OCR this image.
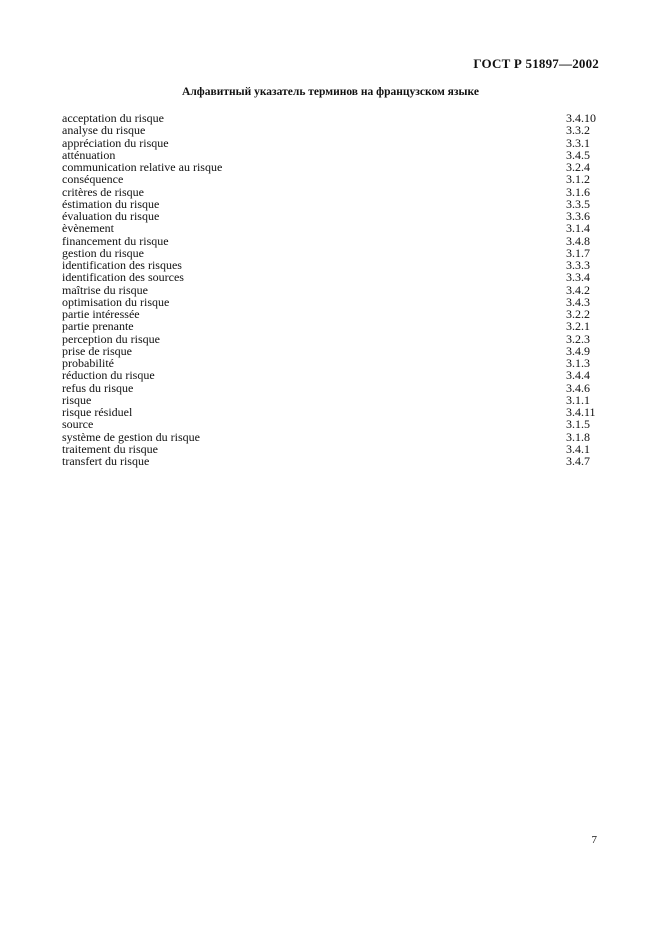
ГОСТ Р 51897—2002
Алфавитный указатель терминов на французском языке
acceptation du risque	3.4.10
analyse du risque	3.3.2
appréciation du risque	3.3.1
atténuation	3.4.5
communication relative au risque	3.2.4
conséquence	3.1.2
critères de risque	3.1.6
éstimation du risque	3.3.5
évaluation du risque	3.3.6
èvènement	3.1.4
financement du risque	3.4.8
gestion du risque	3.1.7
identification des risques	3.3.3
identification des sources	3.3.4
maîtrise du risque	3.4.2
optimisation du risque	3.4.3
partie intéressée	3.2.2
partie prenante	3.2.1
perception du risque	3.2.3
prise de risque	3.4.9
probabilité	3.1.3
réduction du risque	3.4.4
refus du risque	3.4.6
risque	3.1.1
risque résiduel	3.4.11
source	3.1.5
système de gestion du risque	3.1.8
traitement du risque	3.4.1
transfert du risque	3.4.7
7
